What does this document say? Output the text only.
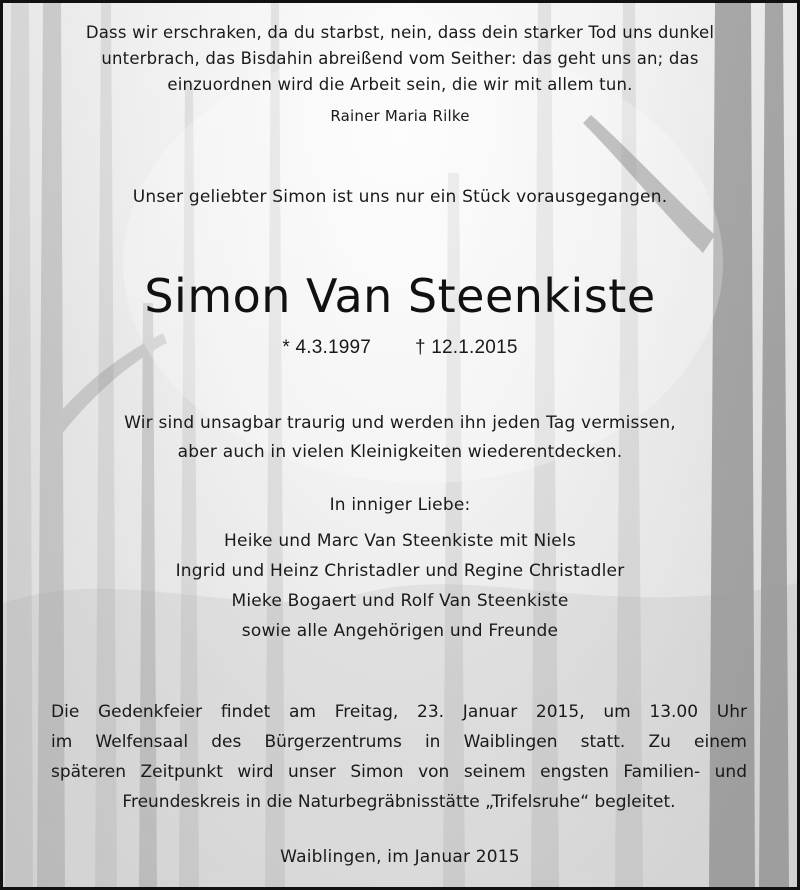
Dass wir erschraken, da du starbst, nein, dass dein starker Tod uns dunkel
unterbrach, das Bisdahin abreißend vom Seither: das geht uns an; das
einzuordnen wird die Arbeit sein, die wir mit allem tun.
Rainer Maria Rilke
Unser geliebter Simon ist uns nur ein Stück vorausgegangen.
Simon Van Steenkiste
* 4.3.1997 † 12.1.2015
Wir sind unsagbar traurig und werden ihn jeden Tag vermissen,
aber auch in vielen Kleinigkeiten wiederentdecken.
In inniger Liebe:
Heike und Marc Van Steenkiste mit Niels
Ingrid und Heinz Christadler und Regine Christadler
Mieke Bogaert und Rolf Van Steenkiste
sowie alle Angehörigen und Freunde
Die Gedenkfeier findet am Freitag, 23. Januar 2015, um 13.00 Uhr
im Welfensaal des Bürgerzentrums in Waiblingen statt. Zu einem
späteren Zeitpunkt wird unser Simon von seinem engsten Familien- und
Freundeskreis in die Naturbegräbnisstätte „Trifelsruhe“ begleitet.
Waiblingen, im Januar 2015
